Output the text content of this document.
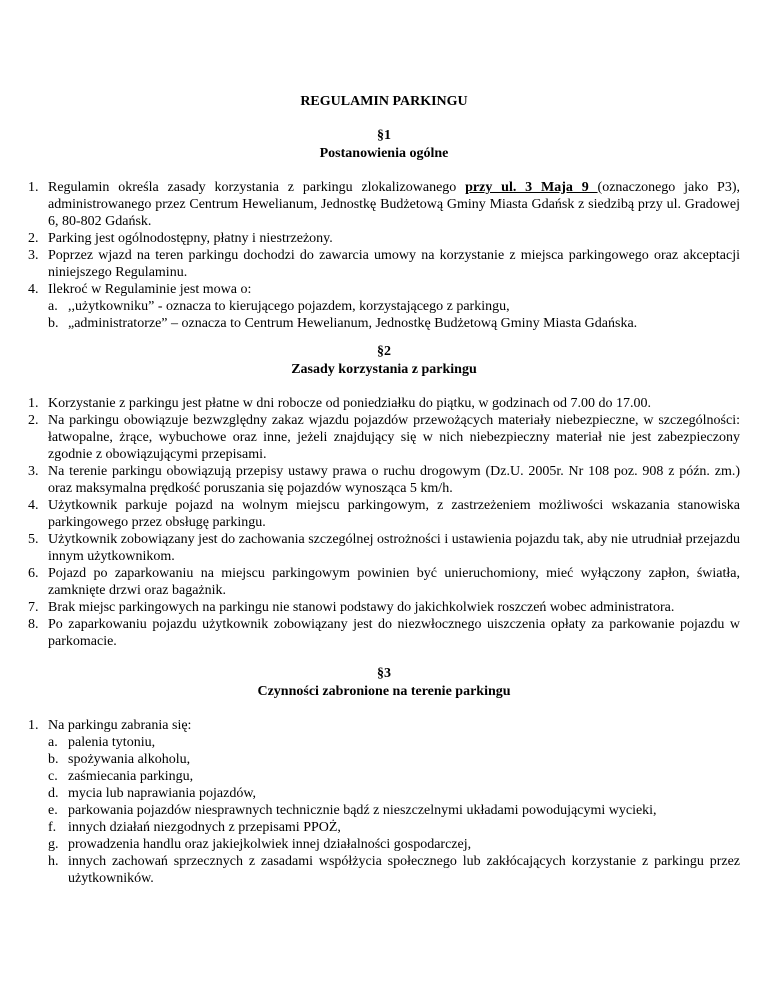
REGULAMIN PARKINGU
§1
Postanowienia ogólne
1. Regulamin określa zasady korzystania z parkingu zlokalizowanego przy ul. 3 Maja 9 (oznaczonego jako P3), administrowanego przez Centrum Hewelianum, Jednostkę Budżetową Gminy Miasta Gdańsk z siedzibą przy ul. Gradowej 6, 80-802 Gdańsk.
2. Parking jest ogólnodostępny, płatny i niestrzeżony.
3. Poprzez wjazd na teren parkingu dochodzi do zawarcia umowy na korzystanie z miejsca parkingowego oraz akceptacji niniejszego Regulaminu.
4. Ilekroć w Regulaminie jest mowa o:
a. ,,użytkowniku” - oznacza to kierującego pojazdem, korzystającego z parkingu,
b. „administratorze” – oznacza to Centrum Hewelianum, Jednostkę Budżetową Gminy Miasta Gdańska.
§2
Zasady korzystania z parkingu
1. Korzystanie z parkingu jest płatne w dni robocze od poniedziałku do piątku, w godzinach od 7.00 do 17.00.
2. Na parkingu obowiązuje bezwzględny zakaz wjazdu pojazdów przewożących materiały niebezpieczne, w szczególności: łatwopalne, żrące, wybuchowe oraz inne, jeżeli znajdujący się w nich niebezpieczny materiał nie jest zabezpieczony zgodnie z obowiązującymi przepisami.
3. Na terenie parkingu obowiązują przepisy ustawy prawa o ruchu drogowym (Dz.U. 2005r. Nr 108 poz. 908 z późn. zm.) oraz maksymalna prędkość poruszania się pojazdów wynosząca 5 km/h.
4. Użytkownik parkuje pojazd na wolnym miejscu parkingowym, z zastrzeżeniem możliwości wskazania stanowiska parkingowego przez obsługę parkingu.
5. Użytkownik zobowiązany jest do zachowania szczególnej ostrożności i ustawienia pojazdu tak, aby nie utrudniał przejazdu innym użytkownikom.
6. Pojazd po zaparkowaniu na miejscu parkingowym powinien być unieruchomiony, mieć wyłączony zapłon, światła, zamknięte drzwi oraz bagażnik.
7. Brak miejsc parkingowych na parkingu nie stanowi podstawy do jakichkolwiek roszczeń wobec administratora.
8. Po zaparkowaniu pojazdu użytkownik zobowiązany jest do niezwłocznego uiszczenia opłaty za parkowanie pojazdu w parkomacie.
§3
Czynności zabronione na terenie parkingu
1. Na parkingu zabrania się:
a. palenia tytoniu,
b. spożywania alkoholu,
c. zaśmiecania parkingu,
d. mycia lub naprawiania pojazdów,
e. parkowania pojazdów niesprawnych technicznie bądź z nieszczelnymi układami powodującymi wycieki,
f. innych działań niezgodnych z przepisami PPOŻ,
g. prowadzenia handlu oraz jakiejkolwiek innej działalności gospodarczej,
h. innych zachowań sprzecznych z zasadami współżycia społecznego lub zakłócających korzystanie z parkingu przez użytkowników.
